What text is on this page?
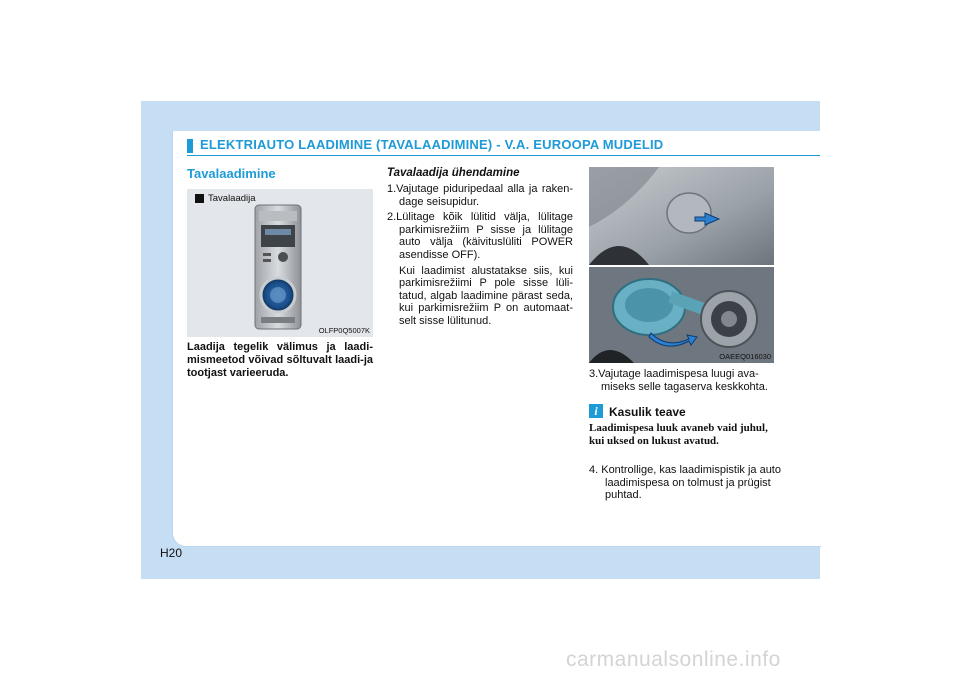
ELEKTRIAUTO LAADIMINE (TAVALAADIMINE) - V.A. EUROOPA MUDELID
Tavalaadimine
Tavalaadija
OLFP0Q5007K
Laadija tegelik välimus ja laadi-mismeetod võivad sõltuvalt laadi-ja tootjast varieeruda.
Tavalaadija ühendamine

1.Vajutage piduripedaal alla ja raken-dage seisupidur.

2.Lülitage kõik lülitid välja, lülitage parkimisrežiim P sisse ja lülitage auto välja (käivituslüliti POWER asendisse OFF).

Kui laadimist alustatakse siis, kui parkimisrežiimi P pole sisse lüli-tatud, algab laadimine pärast seda, kui parkimisrežiim P on automaat-selt sisse lülitunud.

OAEEQ016030
3.Vajutage laadimispesa luugi ava-miseks selle tagaserva keskkohta.
i Kasulik teave
Laadimispesa luuk avaneb vaid juhul, kui uksed on lukust avatud.
4. Kontrollige, kas laadimispistik ja auto laadimispesa on tolmust ja prügist puhtad.
H20
carmanualsonline.info
